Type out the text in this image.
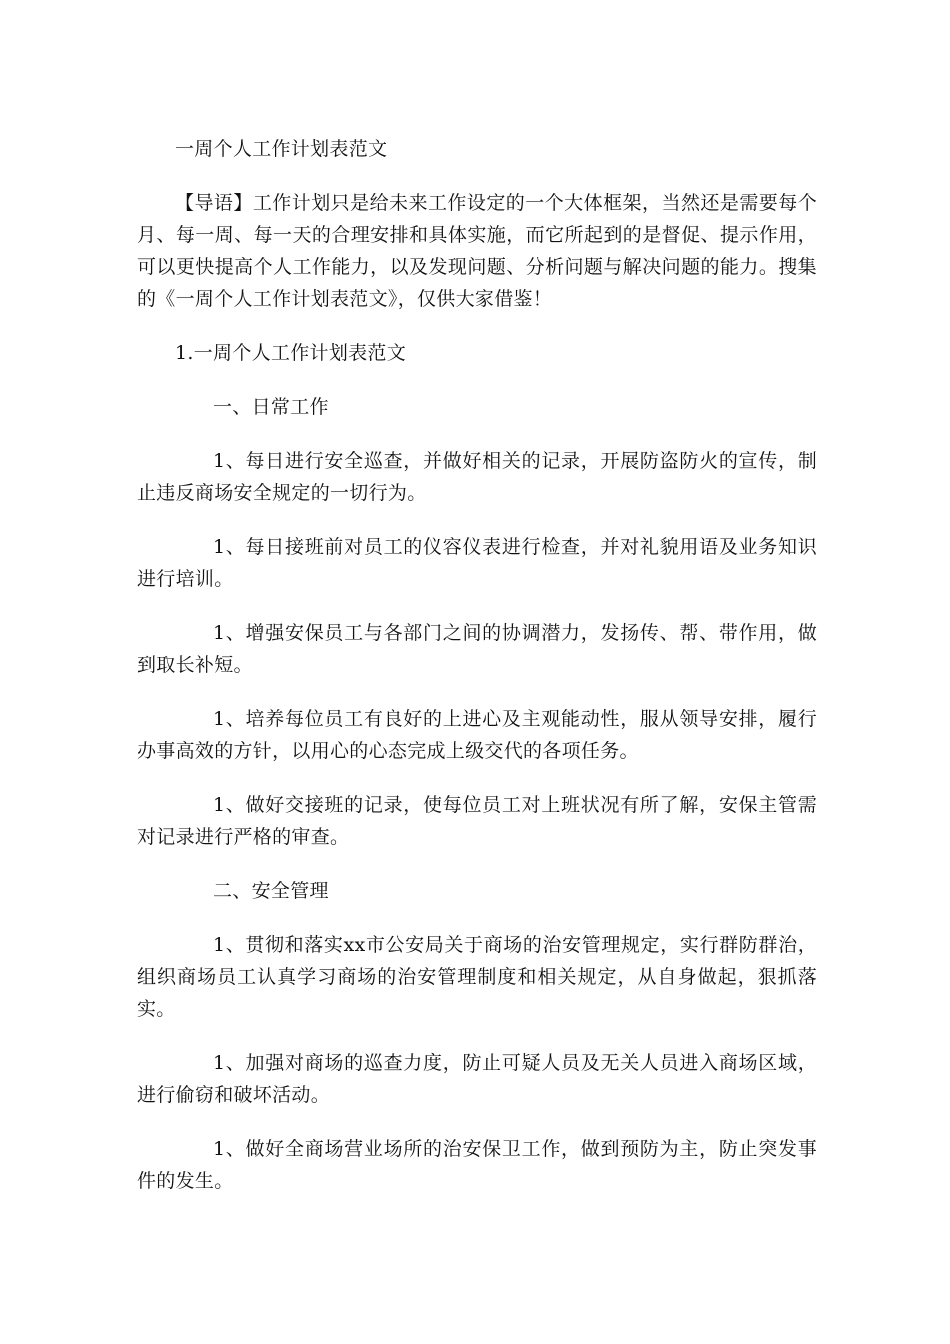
一周个人工作计划表范文

【导语】工作计划只是给未来工作设定的一个大体框架，当然还是需要每个月、每一周、每一天的合理安排和具体实施，而它所起到的是督促、提示作用，可以更快提高个人工作能力，以及发现问题、分析问题与解决问题的能力。搜集的《一周个人工作计划表范文》，仅供大家借鉴！

1.一周个人工作计划表范文

一、日常工作

1、每日进行安全巡查，并做好相关的记录，开展防盗防火的宣传，制止违反商场安全规定的一切行为。

1、每日接班前对员工的仪容仪表进行检查，并对礼貌用语及业务知识进行培训。

1、增强安保员工与各部门之间的协调潜力，发扬传、帮、带作用，做到取长补短。

1、培养每位员工有良好的上进心及主观能动性，服从领导安排，履行办事高效的方针，以用心的心态完成上级交代的各项任务。

1、做好交接班的记录，使每位员工对上班状况有所了解，安保主管需对记录进行严格的审查。

二、安全管理

1、贯彻和落实xx市公安局关于商场的治安管理规定，实行群防群治，组织商场员工认真学习商场的治安管理制度和相关规定，从自身做起，狠抓落实。

1、加强对商场的巡查力度，防止可疑人员及无关人员进入商场区域，进行偷窃和破坏活动。

1、做好全商场营业场所的治安保卫工作，做到预防为主，防止突发事件的发生。
